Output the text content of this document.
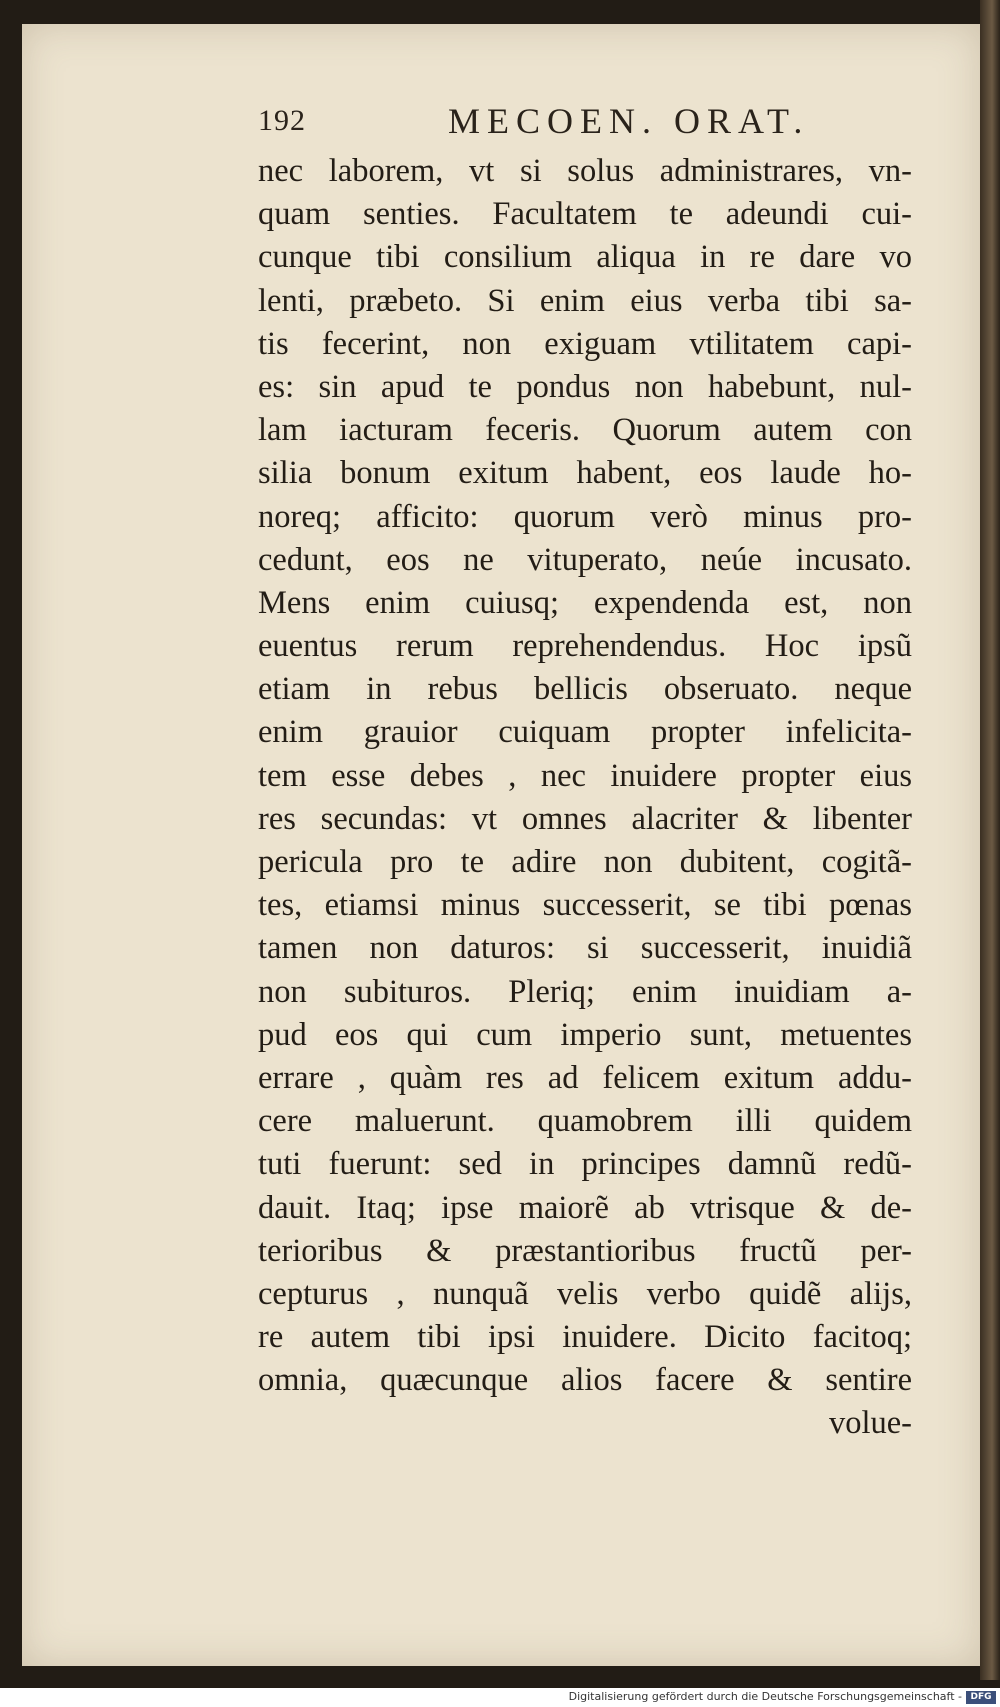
192	MECOEN. ORAT.
nec laborem, vt si solus administrares, vn-
quam senties. Facultatem te adeundi cui-
cunque tibi consilium aliqua in re dare vo
lenti, præbeto. Si enim eius verba tibi sa-
tis fecerint, non exiguam vtilitatem capi-
es: sin apud te pondus non habebunt, nul-
lam iacturam feceris. Quorum autem con
silia bonum exitum habent, eos laude ho-
noreq; afficito: quorum verò minus pro-
cedunt, eos ne vituperato, neúe incusato.
Mens enim cuiusq; expendenda est, non
euentus rerum reprehendendus. Hoc ipsũ
etiam in rebus bellicis obseruato. neque
enim grauior cuiquam propter infelicita-
tem esse debes , nec inuidere propter eius
res secundas: vt omnes alacriter & libenter
pericula pro te adire non dubitent, cogitã-
tes, etiamsi minus successerit, se tibi pœnas
tamen non daturos: si successerit, inuidiã
non subituros. Pleriq; enim inuidiam a-
pud eos qui cum imperio sunt, metuentes
errare , quàm res ad felicem exitum addu-
cere maluerunt. quamobrem illi quidem
tuti fuerunt: sed in principes damnũ redũ-
dauit. Itaq; ipse maiorẽ ab vtrisque & de-
terioribus & præstantioribus fructũ per-
cepturus , nunquã velis verbo quidẽ alijs,
re autem tibi ipsi inuidere. Dicito facitoq;
omnia, quæcunque alios facere & sentire
volue-
Digitalisierung gefördert durch die Deutsche Forschungsgemeinschaft - DFG
